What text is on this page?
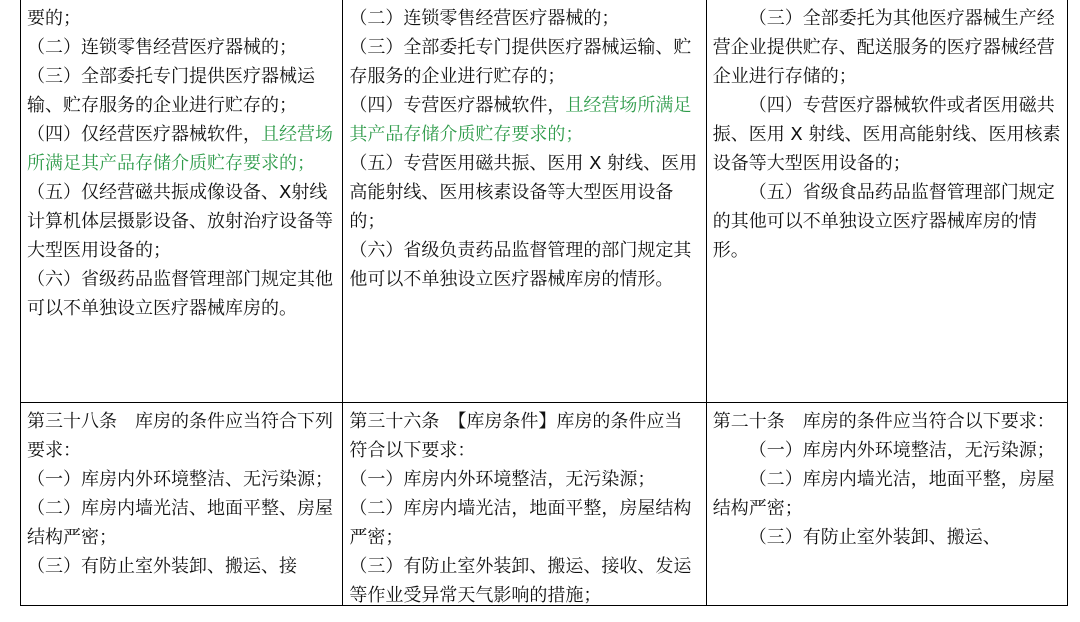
要的；

（二）连锁零售经营医疗器械的；

（三）全部委托专门提供医疗器械运输、贮存服务的企业进行贮存的；

（四）仅经营医疗器械软件，且经营场所满足其产品存储介质贮存要求的；

（五）仅经营磁共振成像设备、X射线计算机体层摄影设备、放射治疗设备等大型医用设备的；

（六）省级药品监督管理部门规定其他可以不单独设立医疗器械库房的。

（二）连锁零售经营医疗器械的；

（三）全部委托专门提供医疗器械运输、贮存服务的企业进行贮存的；

（四）专营医疗器械软件，且经营场所满足其产品存储介质贮存要求的；

（五）专营医用磁共振、医用 X 射线、医用高能射线、医用核素设备等大型医用设备的；

（六）省级负责药品监督管理的部门规定其他可以不单独设立医疗器械库房的情形。

（三）全部委托为其他医疗器械生产经营企业提供贮存、配送服务的医疗器械经营企业进行存储的；

（四）专营医疗器械软件或者医用磁共振、医用 X 射线、医用高能射线、医用核素设备等大型医用设备的；

（五）省级食品药品监督管理部门规定的其他可以不单独设立医疗器械库房的情形。

第三十八条　库房的条件应当符合下列要求：

（一）库房内外环境整洁、无污染源；

（二）库房内墙光洁、地面平整、房屋结构严密；

（三）有防止室外装卸、搬运、接

第三十六条　【库房条件】库房的条件应当符合以下要求：

（一）库房内外环境整洁，无污染源；

（二）库房内墙光洁，地面平整，房屋结构严密；

（三）有防止室外装卸、搬运、接收、发运等作业受异常天气影响的措施；

第二十条　库房的条件应当符合以下要求：

（一）库房内外环境整洁，无污染源；

（二）库房内墙光洁，地面平整，房屋结构严密；

（三）有防止室外装卸、搬运、
